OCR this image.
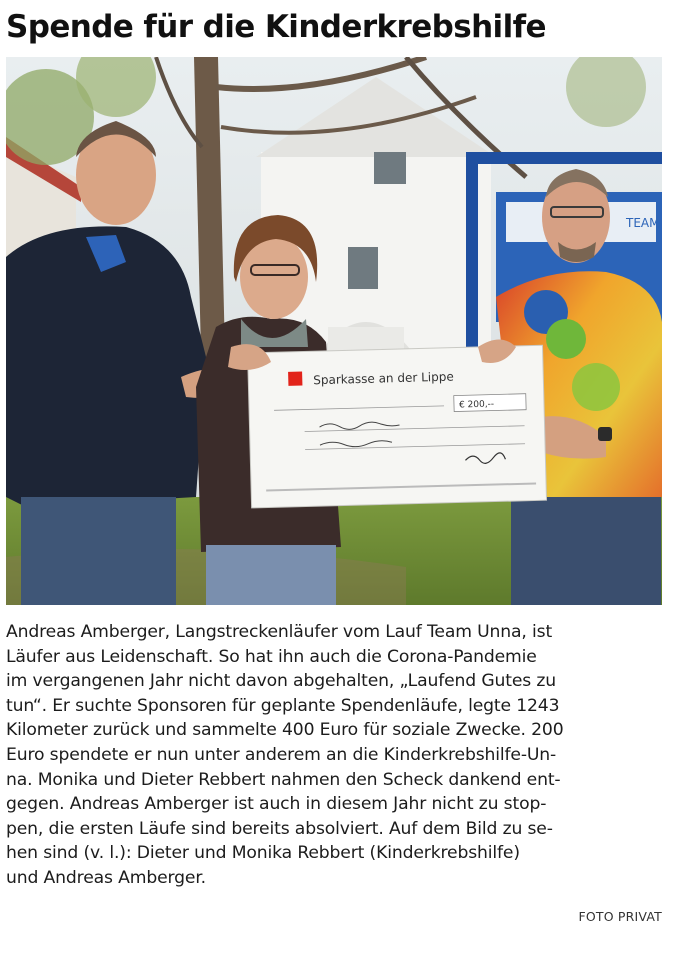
Spende für die Kinderkrebshilfe
TEAM
Sparkasse an der Lippe
€ 200,--

Andreas Amberger, Langstreckenläufer vom Lauf Team Unna, ist

Läufer aus Leidenschaft. So hat ihn auch die Corona-Pandemie

im vergangenen Jahr nicht davon abgehalten, „Laufend Gutes zu

tun“. Er suchte Sponsoren für geplante Spendenläufe, legte 1243

Kilometer zurück und sammelte 400 Euro für soziale Zwecke. 200

Euro spendete er nun unter anderem an die Kinderkrebshilfe-Un-

na. Monika und Dieter Rebbert nahmen den Scheck dankend ent-

gegen. Andreas Amberger ist auch in diesem Jahr nicht zu stop-

pen, die ersten Läufe sind bereits absolviert. Auf dem Bild zu se-

hen sind (v. l.): Dieter und Monika Rebbert (Kinderkrebshilfe)

und Andreas Amberger.

FOTO PRIVAT
